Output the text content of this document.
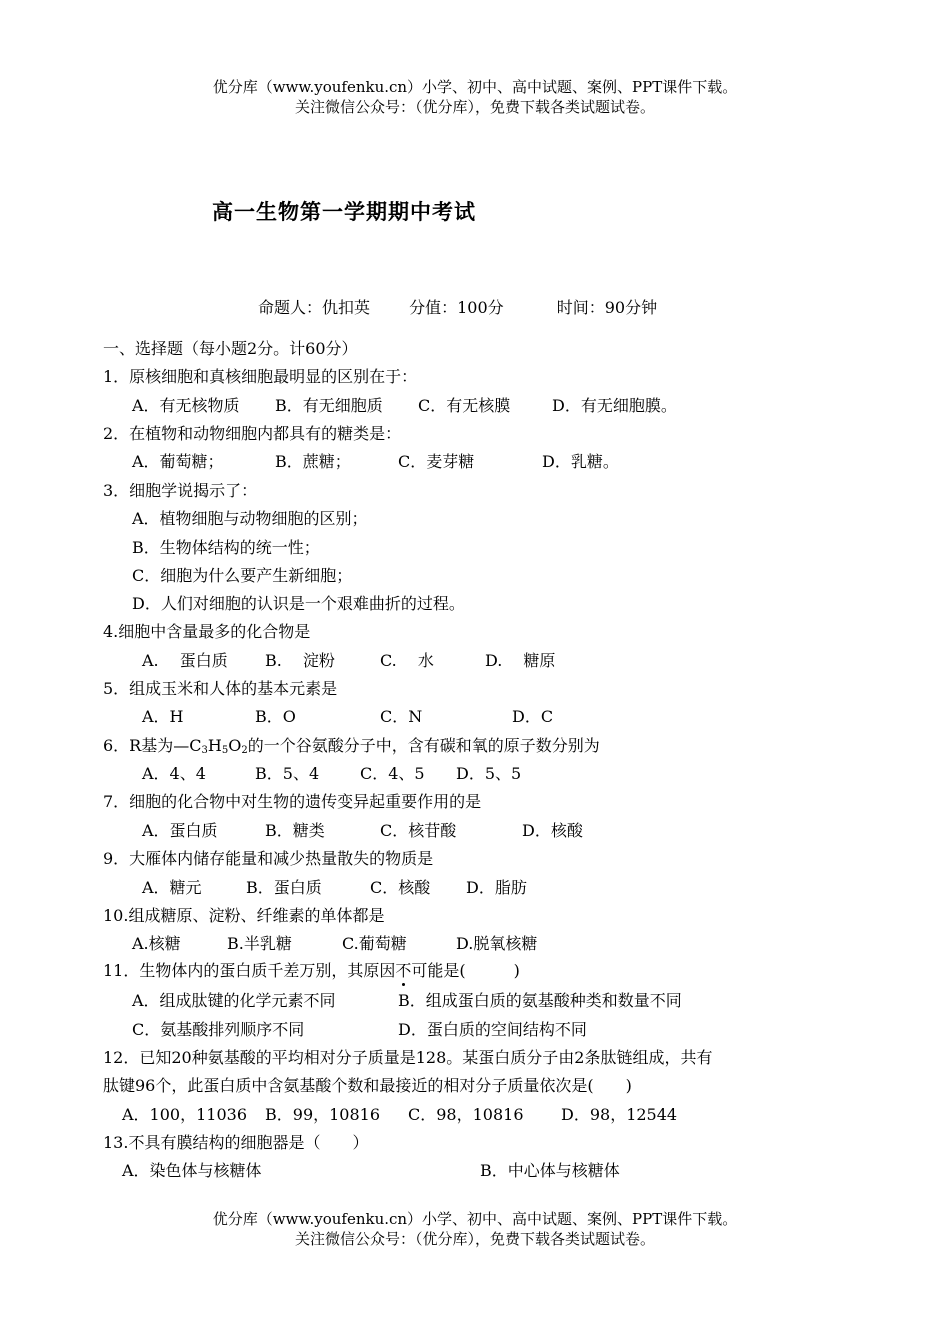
优分库（www.youfenku.cn）小学、初中、高中试题、案例、PPT课件下载。
关注微信公众号：（优分库），免费下载各类试题试卷。
高一生物第一学期期中考试
命题人：仇扣英 分值：100分	时间：90分钟
一、选择题（每小题2分。计60分）
1．原核细胞和真核细胞最明显的区别在于：
A．有无核物质 B．有无细胞质 C．有无核膜	D．有无细胞膜。
2．在植物和动物细胞内都具有的糖类是：
A．葡萄糖；	B．蔗糖；	C．麦芽糖	D．乳糖。
3．细胞学说揭示了：
A．植物细胞与动物细胞的区别；
B．生物体结构的统一性；
C．细胞为什么要产生新细胞；
D．人们对细胞的认识是一个艰难曲折的过程。
4.细胞中含量最多的化合物是
A.　 蛋白质 B.　 淀粉	C.　 水	D.　 糖原
5．组成玉米和人体的基本元素是
A．H	B．O	C．N	D．C
6．R基为$—C_3H_5O_2$的一个谷氨酸分子中，含有碳和氧的原子数分别为
A．4、4	B．5、4	C．4、5 D．5、5
7．细胞的化合物中对生物的遗传变异起重要作用的是
A．蛋白质	B．糖类	C．核苷酸	D．核酸
9．大雁体内储存能量和减少热量散失的物质是
A．糖元	B．蛋白质	C．核酸 D．脂肪
10.组成糖原、淀粉、纤维素的单体都是
A.核糖	B.半乳糖	C.葡萄糖	D.脱氧核糖
11．生物体内的蛋白质千差万别，其原因不可能是(　　　)
A．组成肽键的化学元素不同	B．组成蛋白质的氨基酸种类和数量不同
C．氨基酸排列顺序不同	D．蛋白质的空间结构不同
12．已知20种氨基酸的平均相对分子质量是128。某蛋白质分子由2条肽链组成，共有
肽键96个，此蛋白质中含氨基酸个数和最接近的相对分子质量依次是(　　)
A．100，11036 B．99，10816 C．98，10816 D．98，12544
13.不具有膜结构的细胞器是（　　）
A．染色体与核糖体	B．中心体与核糖体
优分库（www.youfenku.cn）小学、初中、高中试题、案例、PPT课件下载。
关注微信公众号：（优分库），免费下载各类试题试卷。
